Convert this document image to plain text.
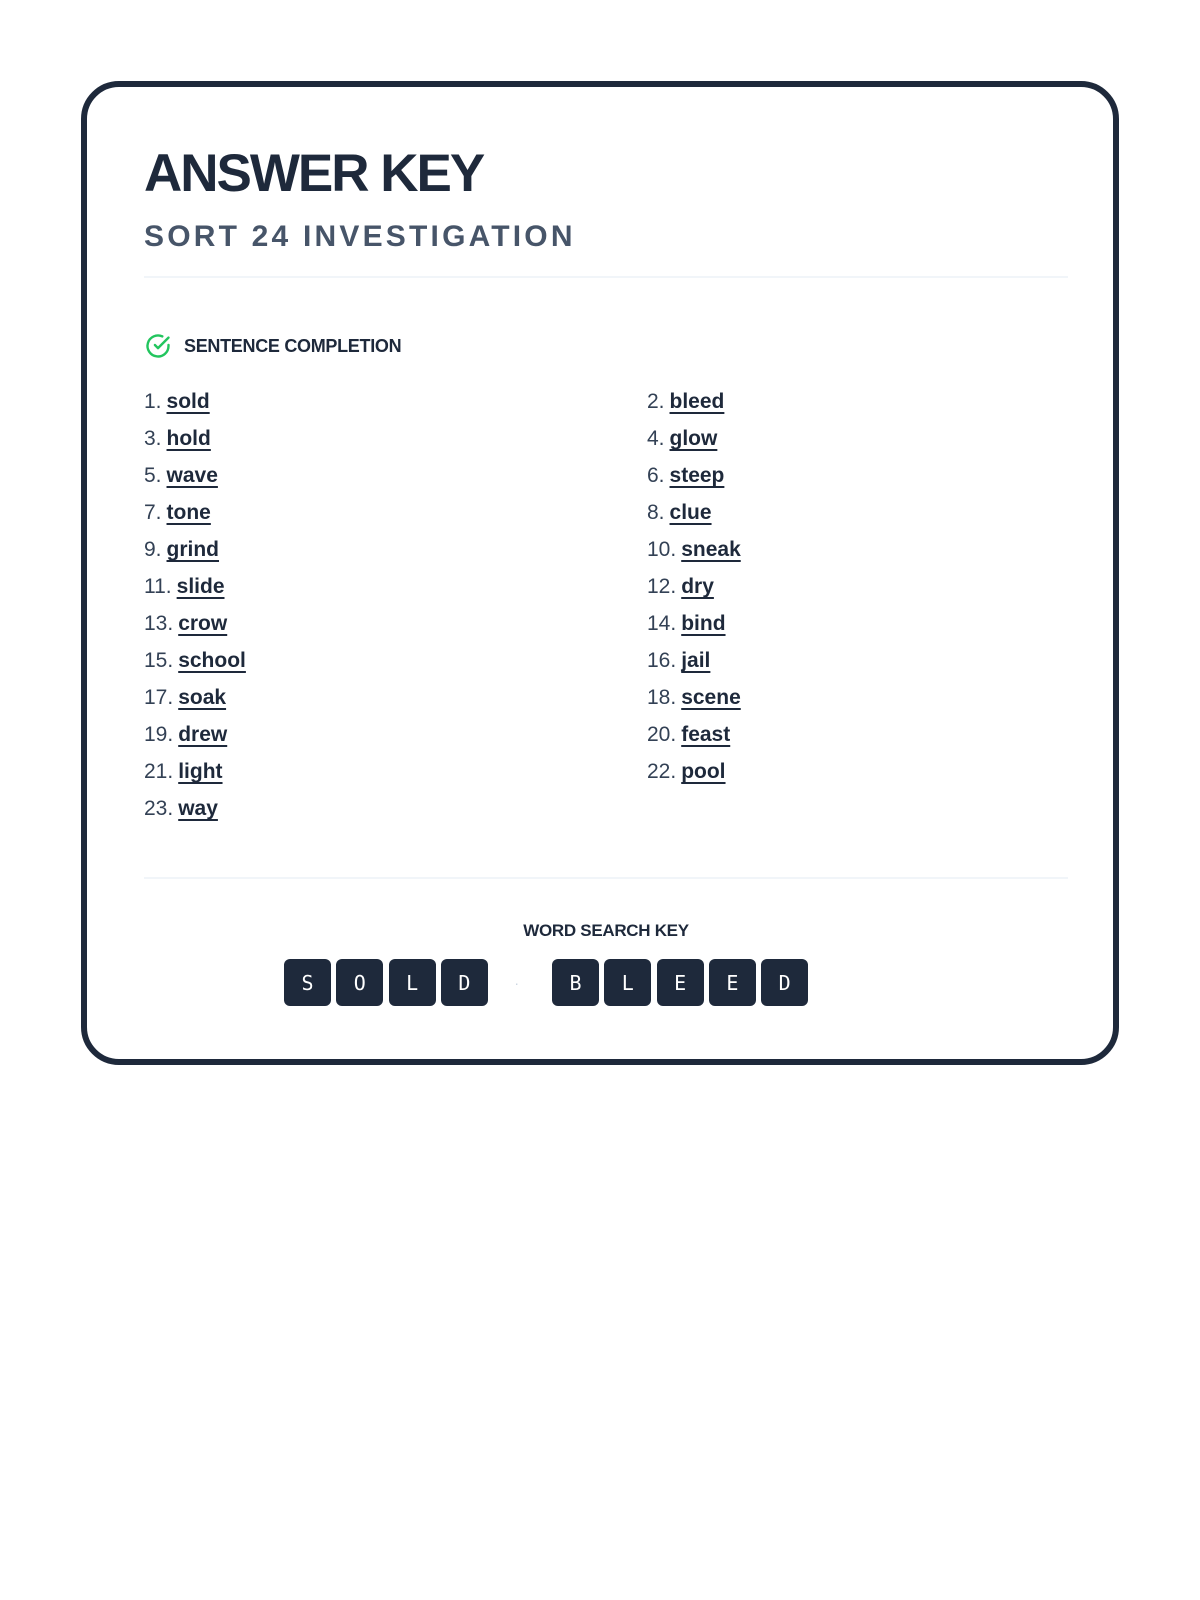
ANSWER KEY
SORT 24 INVESTIGATION
SENTENCE COMPLETION
1. sold	2. bleed
3. hold	4. glow
5. wave	6. steep
7. tone	8. clue
9. grind	10. sneak
11. slide	12. dry
13. crow	14. bind
15. school	16. jail
17. soak	18. scene
19. drew	20. feast
21. light	22. pool
23. way
WORD SEARCH KEY
S	O	L	D	·	B	L	E	E	D
